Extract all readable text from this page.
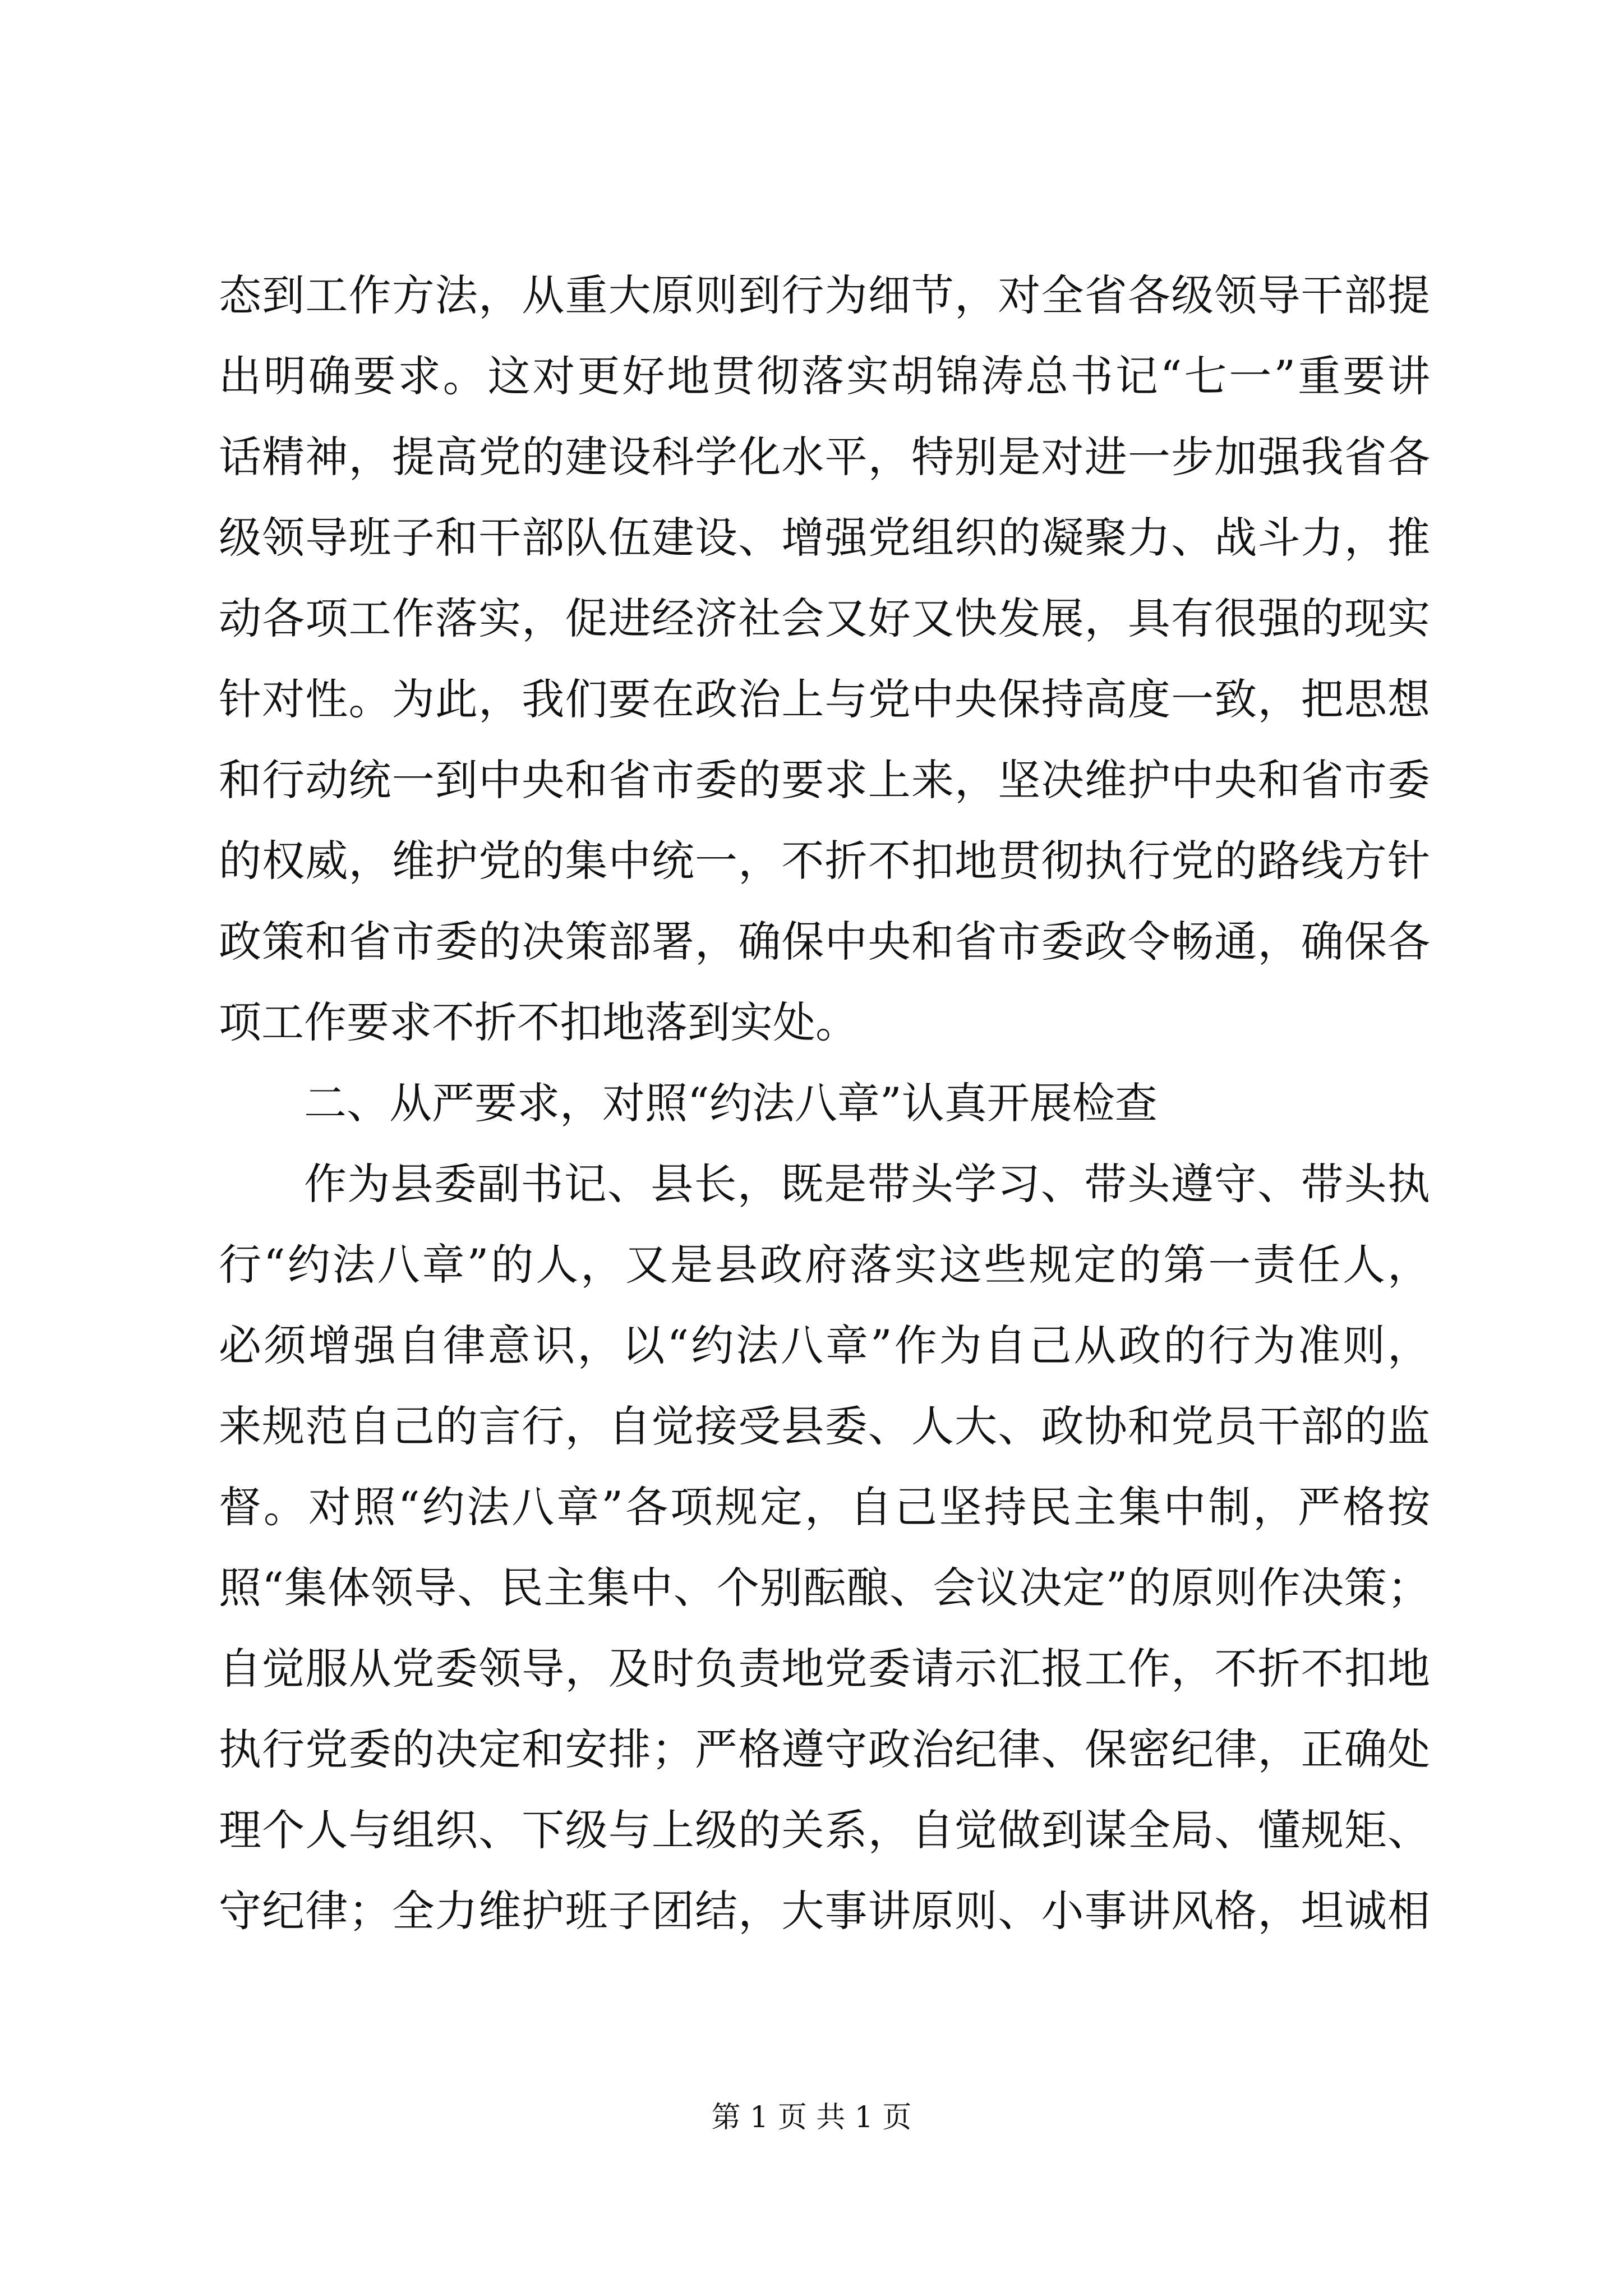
态到工作方法，从重大原则到行为细节，对全省各级领导干部提
出明确要求。这对更好地贯彻落实胡锦涛总书记“七一”重要讲
话精神，提高党的建设科学化水平，特别是对进一步加强我省各
级领导班子和干部队伍建设、增强党组织的凝聚力、战斗力，推
动各项工作落实，促进经济社会又好又快发展，具有很强的现实
针对性。为此，我们要在政治上与党中央保持高度一致，把思想
和行动统一到中央和省市委的要求上来，坚决维护中央和省市委
的权威，维护党的集中统一，不折不扣地贯彻执行党的路线方针
政策和省市委的决策部署，确保中央和省市委政令畅通，确保各
项工作要求不折不扣地落到实处。
二、从严要求，对照“约法八章”认真开展检查
作为县委副书记、县长，既是带头学习、带头遵守、带头执
行“约法八章”的人，又是县政府落实这些规定的第一责任人，
必须增强自律意识，以“约法八章”作为自己从政的行为准则，
来规范自己的言行，自觉接受县委、人大、政协和党员干部的监
督。对照“约法八章”各项规定，自己坚持民主集中制，严格按
照“集体领导、民主集中、个别酝酿、会议决定”的原则作决策；
自觉服从党委领导，及时负责地党委请示汇报工作，不折不扣地
执行党委的决定和安排；严格遵守政治纪律、保密纪律，正确处
理个人与组织、下级与上级的关系，自觉做到谋全局、懂规矩、
守纪律；全力维护班子团结，大事讲原则、小事讲风格，坦诚相
第 1 页 共 1 页
